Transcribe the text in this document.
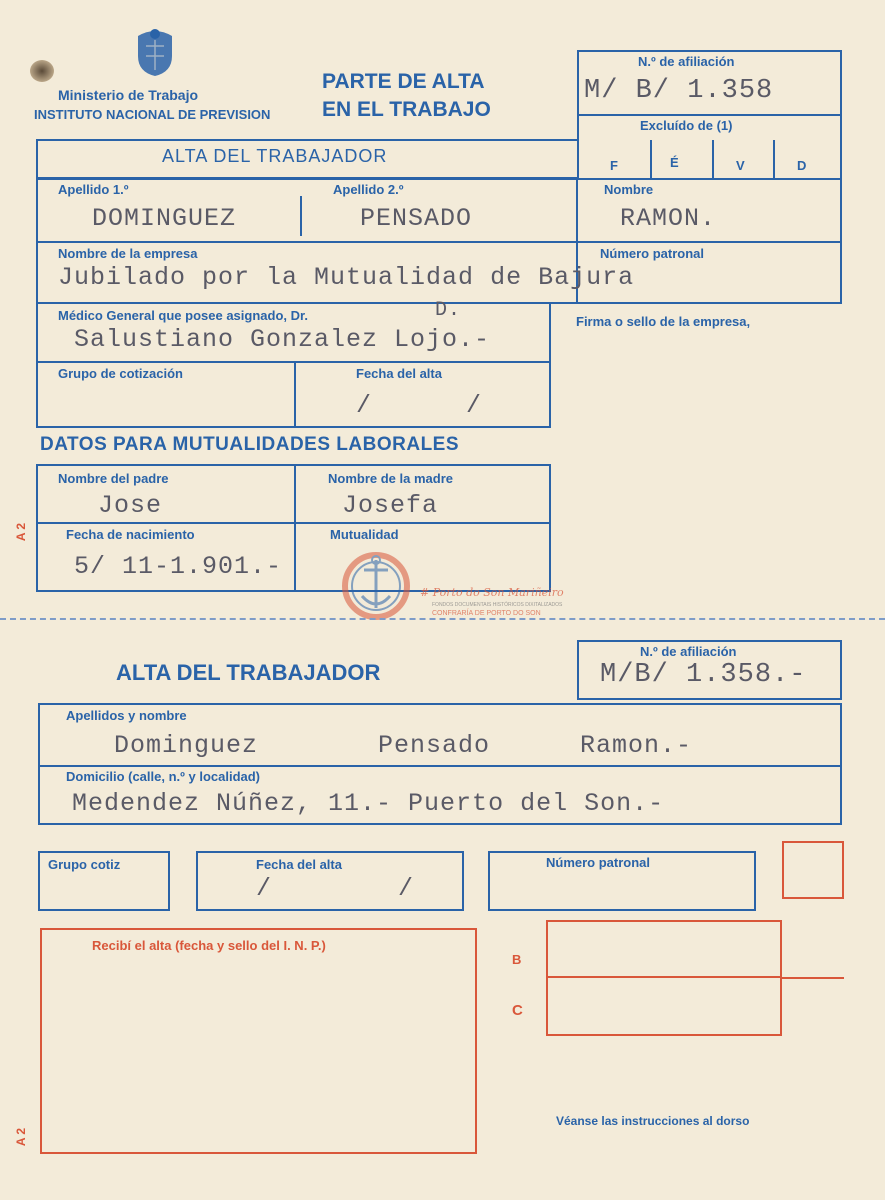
Ministerio de Trabajo
INSTITUTO NACIONAL DE PREVISION
PARTE DE ALTA
EN EL TRABAJO
N.º de afiliación
M/ B/ 1.358
Excluído de (1)
F	É	V	D
ALTA DEL TRABAJADOR
Apellido 1.º
DOMINGUEZ
Apellido 2.º
PENSADO
Nombre
RAMON.
Nombre de la empresa	Número patronal
Jubilado por la Mutualidad de Bajura
Médico General que posee asignado, Dr.	D.
Salustiano Gonzalez Lojo.-
Firma o sello de la empresa,
Grupo de cotización	Fecha del alta
/	/
DATOS PARA MUTUALIDADES LABORALES
Nombre del padre
Jose
Nombre de la madre
Josefa
Fecha de nacimiento
5/ 11-1.901.-
Mutualidad
A 2
# Porto do Son Mariñeiro
FONDOS DOCUMENTAIS HISTÓRICOS DIXITALIZADOS
CONFRARÍA DE PORTO DO SON
ALTA DEL TRABAJADOR
N.º de afiliación
M/B/ 1.358.-
Apellidos y nombre
Dominguez	Pensado	Ramon.-
Domicilio (calle, n.º y localidad)
Medendez Núñez, 11.- Puerto del Son.-
Grupo cotiz	Fecha del alta
/	/
Número patronal
Recibí el alta (fecha y sello del I. N. P.)
B
C
Véanse las instrucciones al dorso
A 2
